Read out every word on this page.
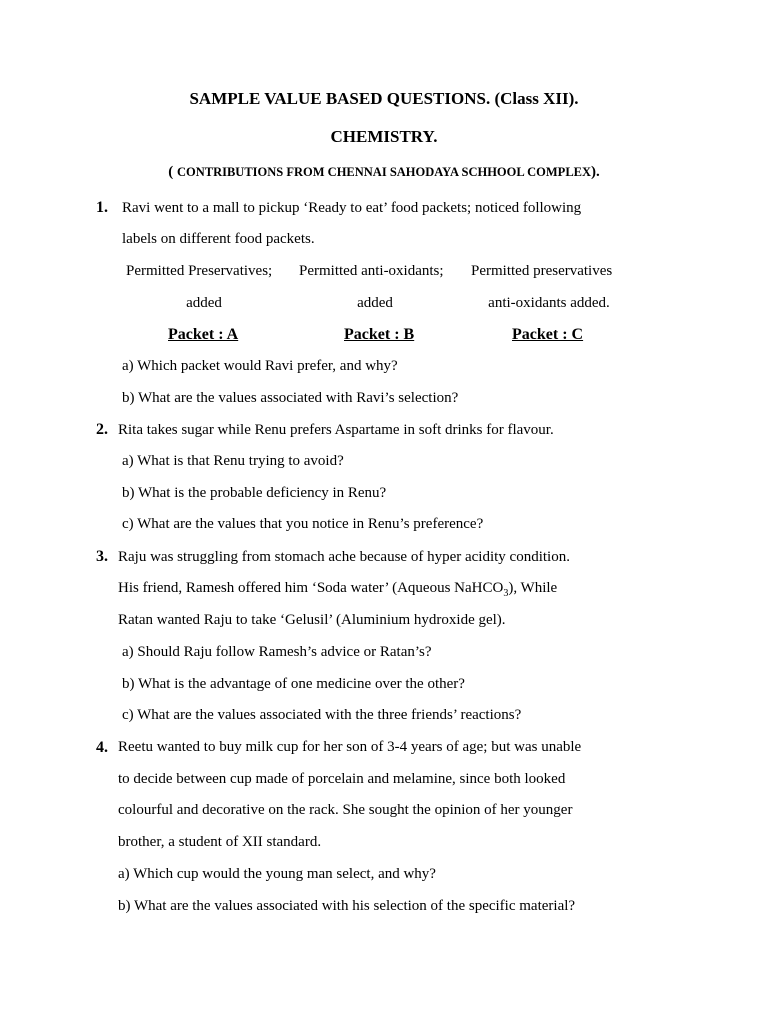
SAMPLE VALUE BASED QUESTIONS. (Class XII).
CHEMISTRY.
( CONTRIBUTIONS FROM CHENNAI SAHODAYA SCHHOOL COMPLEX).
1. Ravi went to a mall to pickup ‘Ready to eat’ food packets; noticed following
labels on different food packets.
Permitted Preservatives; Permitted anti-oxidants; Permitted preservatives
added	added	anti-oxidants added.
Packet : A	Packet : B	Packet : C
a) Which packet would Ravi prefer, and why?
b) What are the values associated with Ravi’s selection?
2. Rita takes sugar while Renu prefers Aspartame in soft drinks for flavour.
a) What is that Renu trying to avoid?
b) What is the probable deficiency in Renu?
c) What are the values that you notice in Renu’s preference?
3. Raju was struggling from stomach ache because of hyper acidity condition.
His friend, Ramesh offered him ‘Soda water’ (Aqueous NaHCO$_3$), While
Ratan wanted Raju to take ‘Gelusil’ (Aluminium hydroxide gel).
a) Should Raju follow Ramesh’s advice or Ratan’s?
b) What is the advantage of one medicine over the other?
c) What are the values associated with the three friends’ reactions?
4. Reetu wanted to buy milk cup for her son of 3-4 years of age; but was unable
to decide between cup made of porcelain and melamine, since both looked
colourful and decorative on the rack. She sought the opinion of her younger
brother, a student of XII standard.
a) Which cup would the young man select, and why?
b) What are the values associated with his selection of the specific material?
